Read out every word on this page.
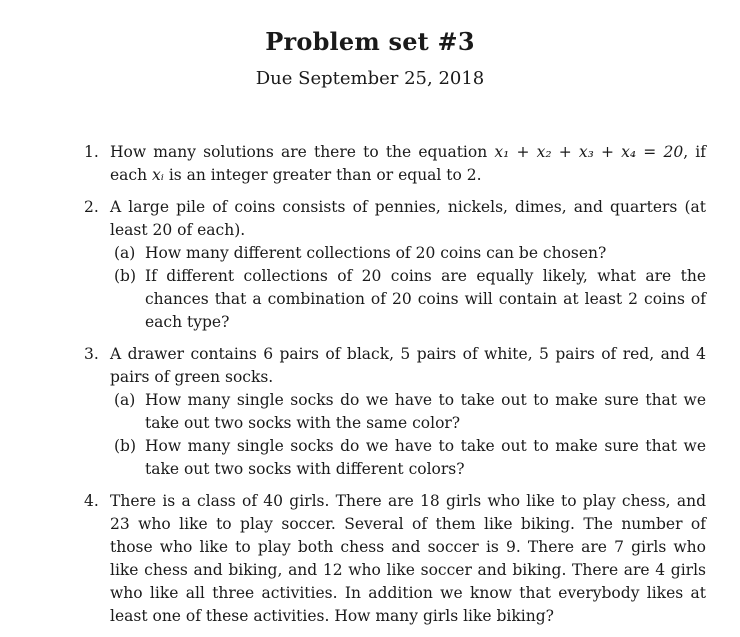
Problem set #3
Due September 25, 2018
1. How many solutions are there to the equation x₁ + x₂ + x₃ + x₄ = 20, if each xᵢ is an integer greater than or equal to 2.
2. A large pile of coins consists of pennies, nickels, dimes, and quarters (at least 20 of each).
(a) How many different collections of 20 coins can be chosen?
(b) If different collections of 20 coins are equally likely, what are the chances that a combination of 20 coins will contain at least 2 coins of each type?
3. A drawer contains 6 pairs of black, 5 pairs of white, 5 pairs of red, and 4 pairs of green socks.
(a) How many single socks do we have to take out to make sure that we take out two socks with the same color?
(b) How many single socks do we have to take out to make sure that we take out two socks with different colors?
4. There is a class of 40 girls. There are 18 girls who like to play chess, and 23 who like to play soccer. Several of them like biking. The number of those who like to play both chess and soccer is 9. There are 7 girls who like chess and biking, and 12 who like soccer and biking. There are 4 girls who like all three activities. In addition we know that everybody likes at least one of these activities. How many girls like biking?
